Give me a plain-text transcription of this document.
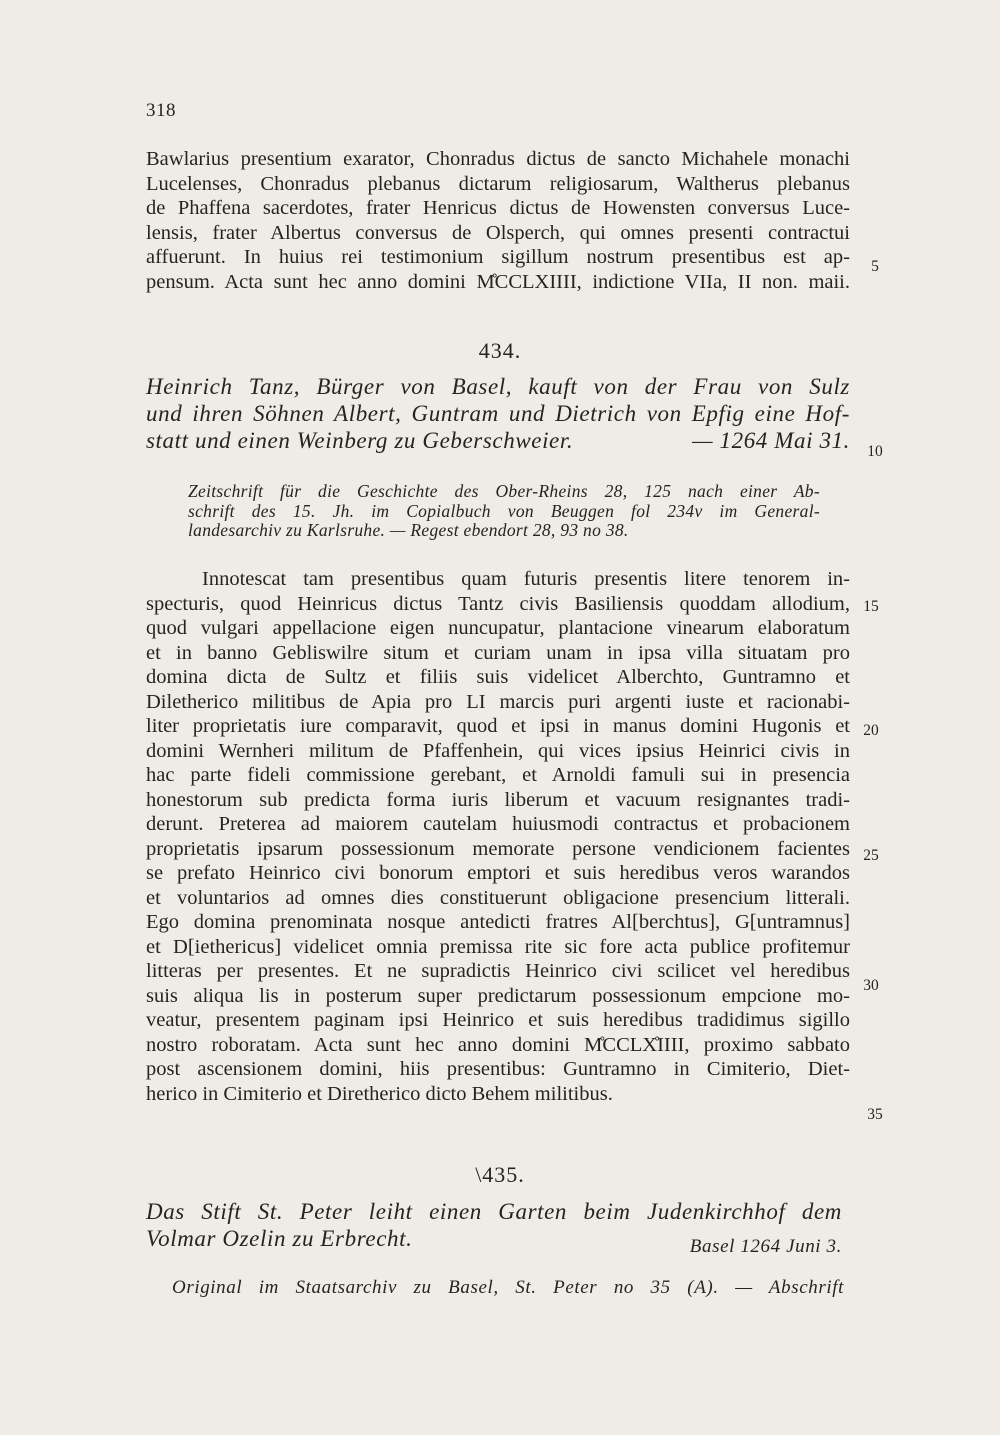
318
Bawlarius presentium exarator, Chonradus dictus de sancto Michahele monachi
Lucelenses, Chonradus plebanus dictarum religiosarum, Waltherus plebanus
de Phaffena sacerdotes, frater Henricus dictus de Howensten conversus Luce-
lensis, frater Albertus conversus de Olsperch, qui omnes presenti contractui
affuerunt. In huius rei testimonium sigillum nostrum presentibus est ap-
pensum. Acta sunt hec anno domini M̊CCLXIIII, indictione VIIa, II non. maii.
5
434.
Heinrich Tanz, Bürger von Basel, kauft von der Frau von Sulz
und ihren Söhnen Albert, Guntram und Dietrich von Epfig eine Hof-
statt und einen Weinberg zu Geberschweier.	— 1264 Mai 31.	10
Zeitschrift für die Geschichte des Ober-Rheins 28, 125 nach einer Ab-
schrift des 15. Jh. im Copialbuch von Beuggen fol 234v im General-
landesarchiv zu Karlsruhe. — Regest ebendort 28, 93 no 38.
Innotescat tam presentibus quam futuris presentis litere tenorem in-
specturis, quod Heinricus dictus Tantz civis Basiliensis quoddam allodium,
quod vulgari appellacione eigen nuncupatur, plantacione vinearum elaboratum
et in banno Gebliswilre situm et curiam unam in ipsa villa situatam pro
domina dicta de Sultz et filiis suis videlicet Alberchto, Guntramno et
Diletherico militibus de Apia pro LI marcis puri argenti iuste et racionabi-
liter proprietatis iure comparavit, quod et ipsi in manus domini Hugonis et
domini Wernheri militum de Pfaffenhein, qui vices ipsius Heinrici civis in
hac parte fideli commissione gerebant, et Arnoldi famuli sui in presencia
honestorum sub predicta forma iuris liberum et vacuum resignantes tradi-
derunt. Preterea ad maiorem cautelam huiusmodi contractus et probacionem
proprietatis ipsarum possessionum memorate persone vendicionem facientes
se prefato Heinrico civi bonorum emptori et suis heredibus veros warandos
et voluntarios ad omnes dies constituerunt obligacione presencium litterali.
Ego domina prenominata nosque antedicti fratres Al[berchtus], G[untramnus]
et D[iethericus] videlicet omnia premissa rite sic fore acta publice profitemur
litteras per presentes. Et ne supradictis Heinrico civi scilicet vel heredibus
suis aliqua lis in posterum super predictarum possessionum empcione mo-
veatur, presentem paginam ipsi Heinrico et suis heredibus tradidimus sigillo
nostro roboratam. Acta sunt hec anno domini M̊CCLX̊IIII, proximo sabbato
post ascensionem domini, hiis presentibus: Guntramno in Cimiterio, Diet-
herico in Cimiterio et Diretherico dicto Behem militibus.
15
20
25
30
35
\435.
Das Stift St. Peter leiht einen Garten beim Judenkirchhof dem
Volmar Ozelin zu Erbrecht.	Basel 1264 Juni 3.
Original im Staatsarchiv zu Basel, St. Peter no 35 (A). — Abschrift
